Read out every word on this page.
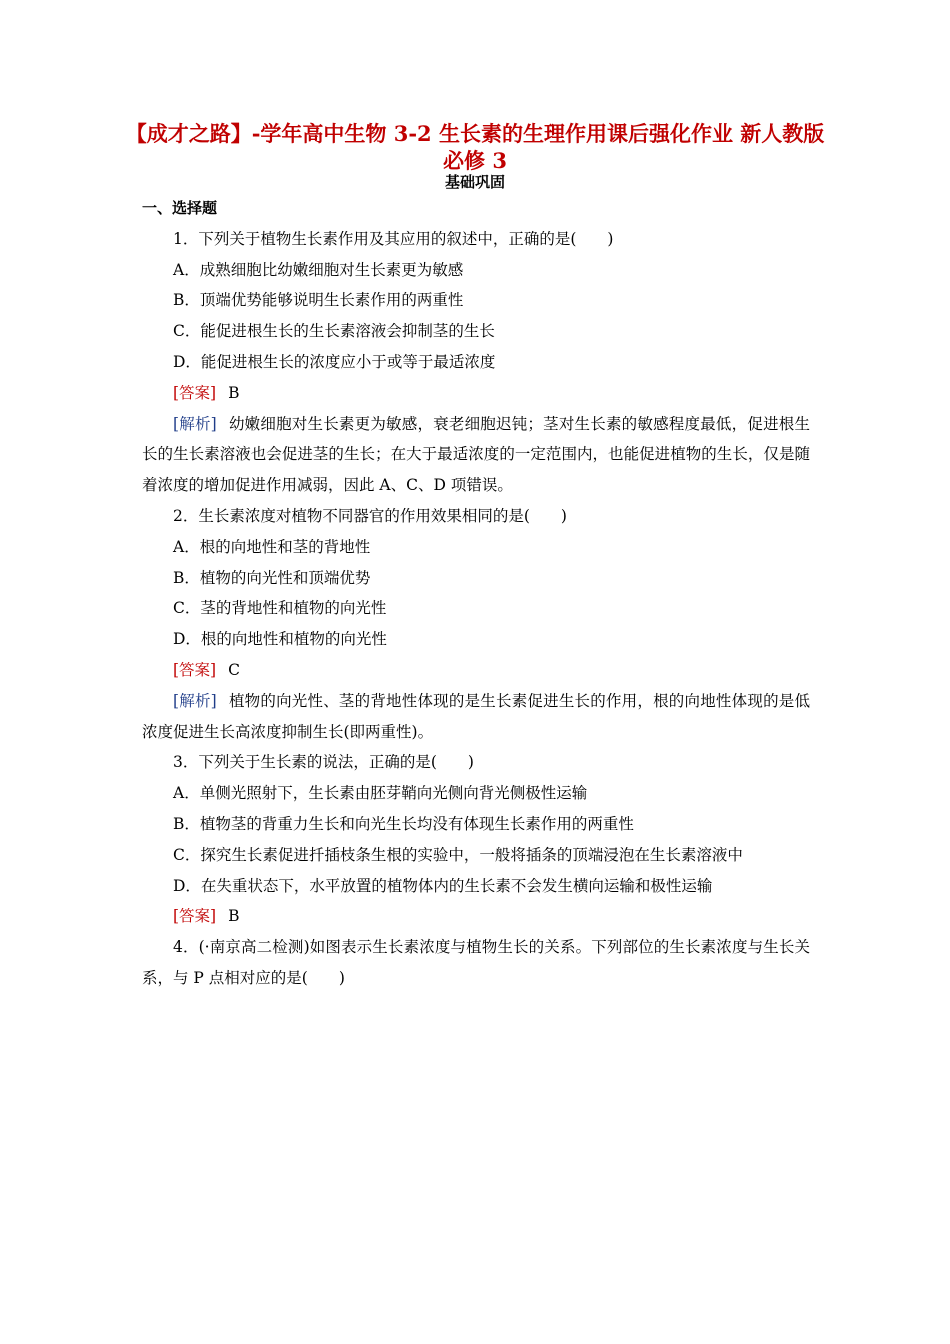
【成才之路】-学年高中生物 3-2 生长素的生理作用课后强化作业 新人教版必修 3
基础巩固

一、选择题

1．下列关于植物生长素作用及其应用的叙述中，正确的是(　　)

A．成熟细胞比幼嫩细胞对生长素更为敏感

B．顶端优势能够说明生长素作用的两重性

C．能促进根生长的生长素溶液会抑制茎的生长

D．能促进根生长的浓度应小于或等于最适浓度

[答案] B

[解析] 幼嫩细胞对生长素更为敏感，衰老细胞迟钝；茎对生长素的敏感程度最低，促进根生长的生长素溶液也会促进茎的生长；在大于最适浓度的一定范围内，也能促进植物的生长，仅是随着浓度的增加促进作用减弱，因此 A、C、D 项错误。

2．生长素浓度对植物不同器官的作用效果相同的是(　　)

A．根的向地性和茎的背地性

B．植物的向光性和顶端优势

C．茎的背地性和植物的向光性

D．根的向地性和植物的向光性

[答案] C

[解析] 植物的向光性、茎的背地性体现的是生长素促进生长的作用，根的向地性体现的是低浓度促进生长高浓度抑制生长(即两重性)。

3．下列关于生长素的说法，正确的是(　　)

A．单侧光照射下，生长素由胚芽鞘向光侧向背光侧极性运输

B．植物茎的背重力生长和向光生长均没有体现生长素作用的两重性

C．探究生长素促进扦插枝条生根的实验中，一般将插条的顶端浸泡在生长素溶液中

D．在失重状态下，水平放置的植物体内的生长素不会发生横向运输和极性运输

[答案] B

4．(·南京高二检测)如图表示生长素浓度与植物生长的关系。下列部位的生长素浓度与生长关系，与 P 点相对应的是(　　)
